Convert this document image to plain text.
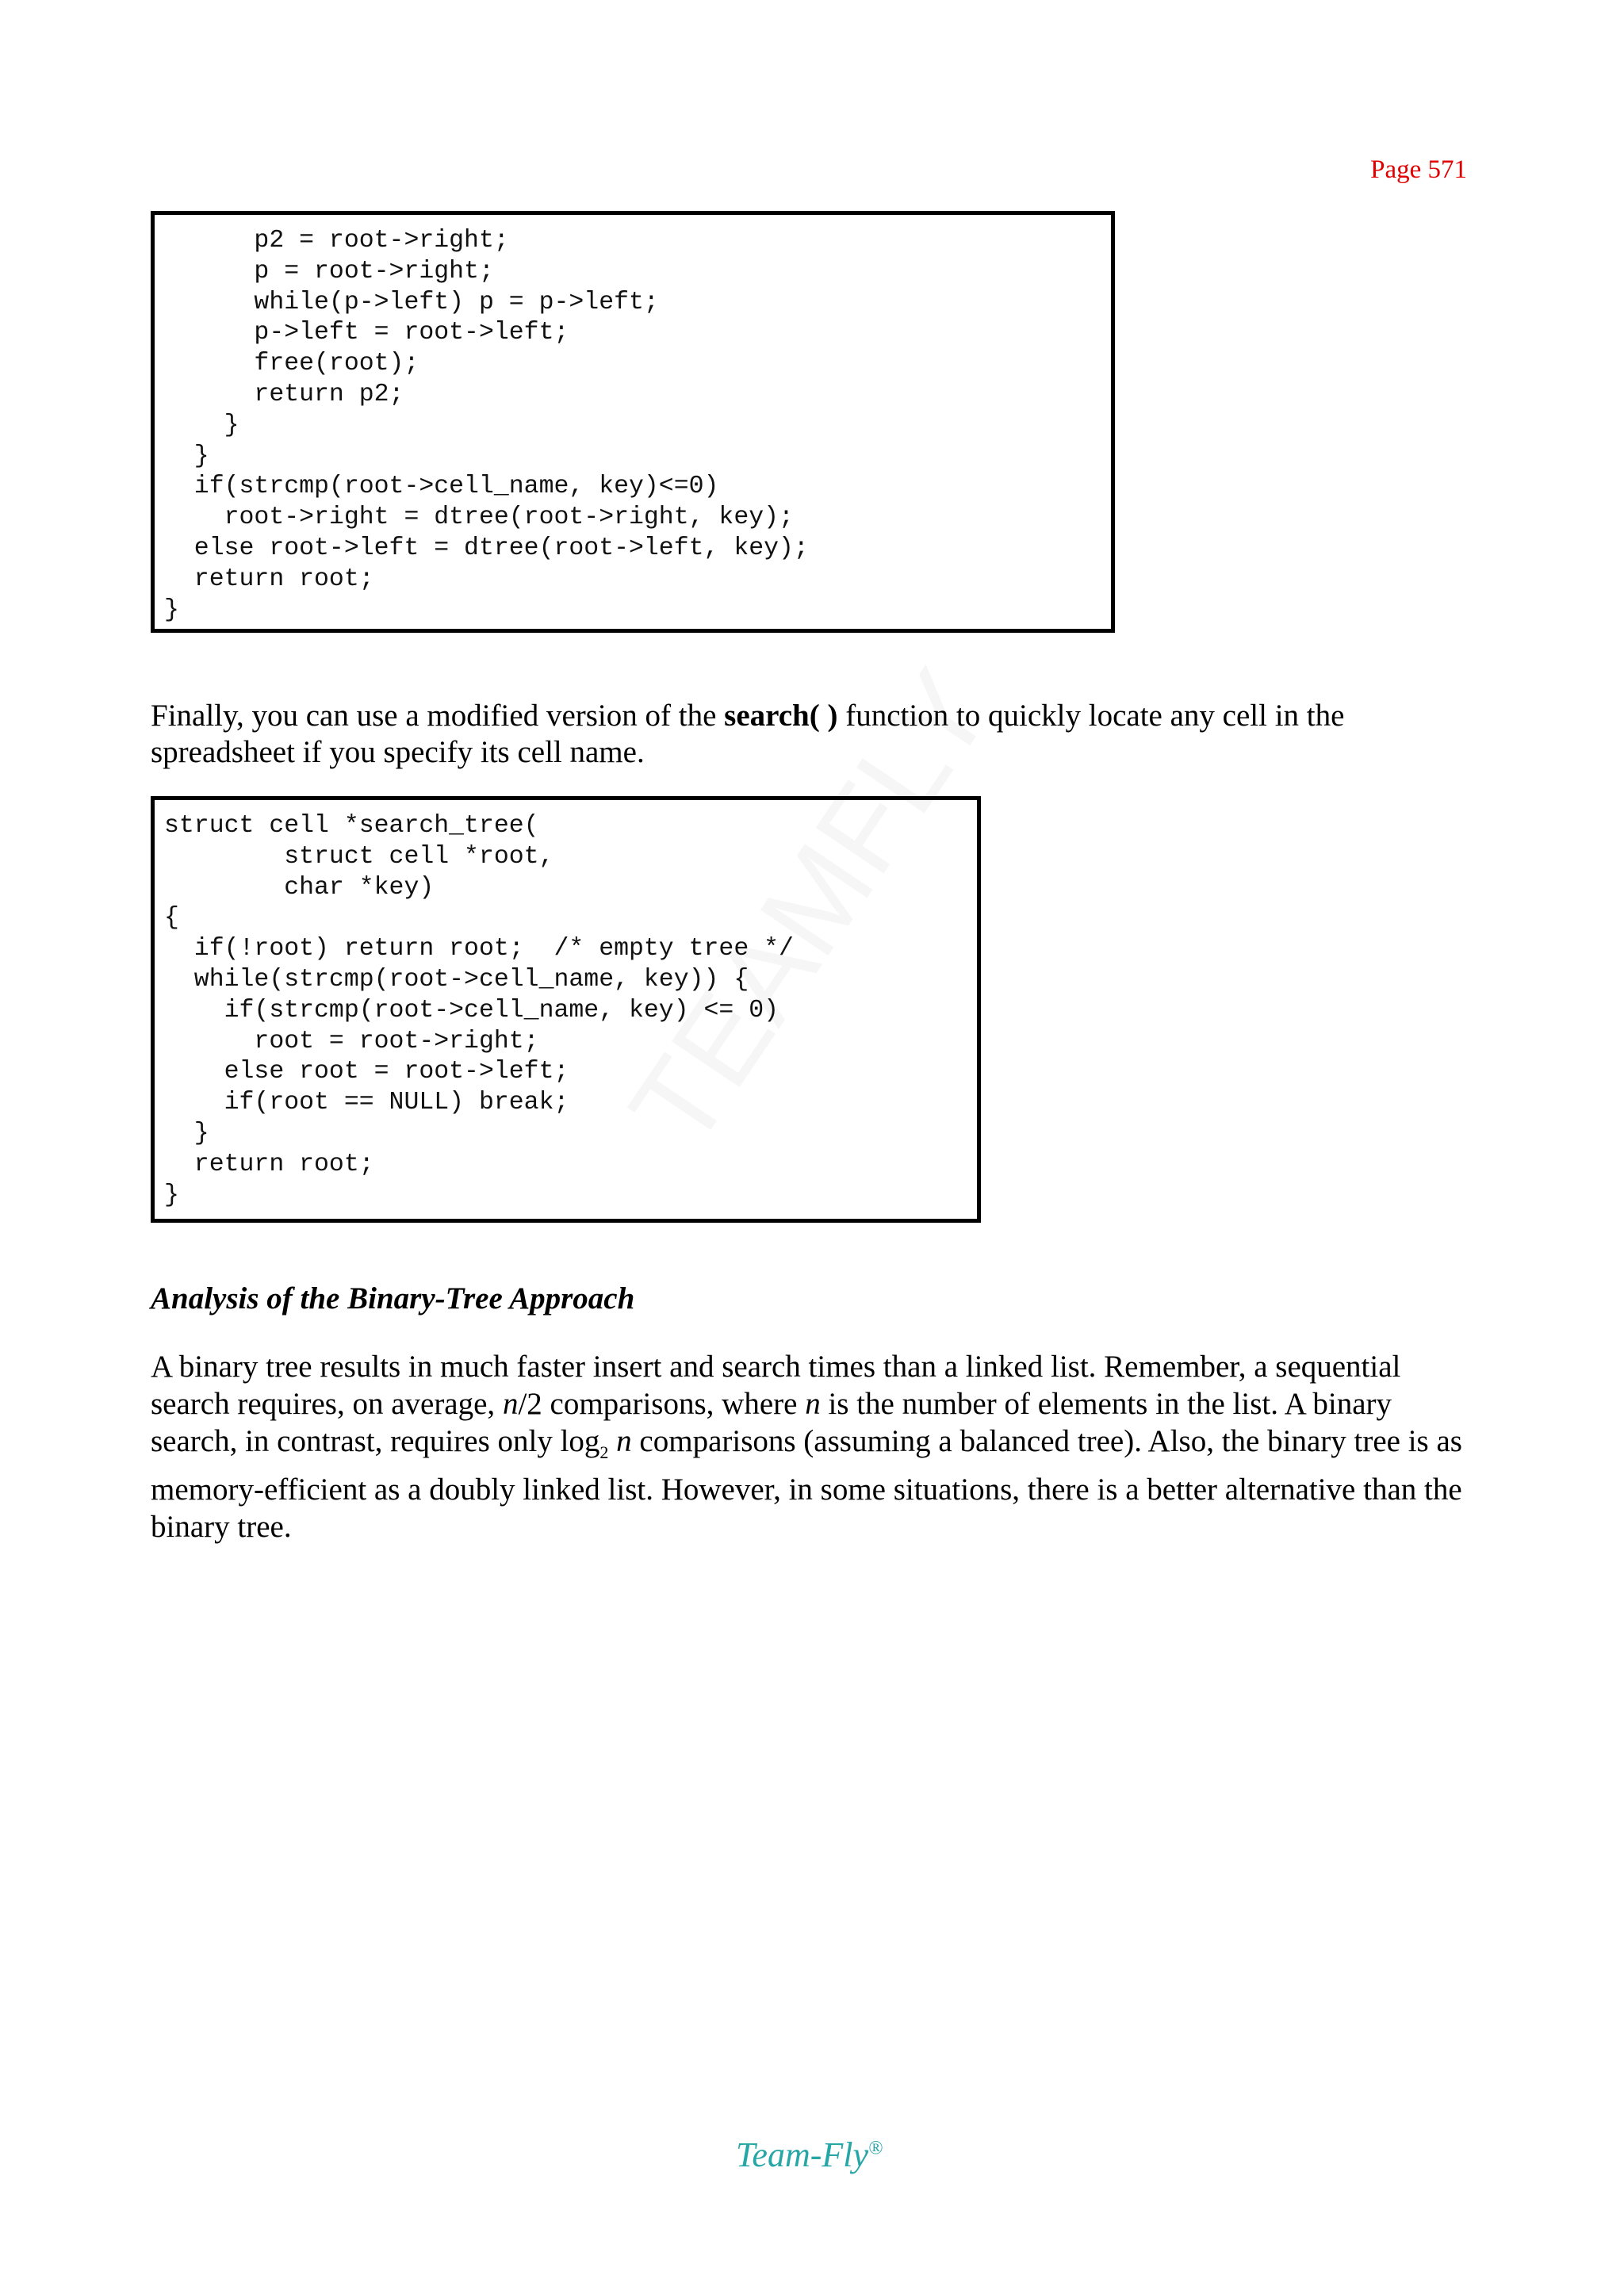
Page 571
p2 = root->right;
p = root->right;
while(p->left) p = p->left;
p->left = root->left;
free(root);
return p2;
}
}
if(strcmp(root->cell_name, key)<=0)
root->right = dtree(root->right, key);
else root->left = dtree(root->left, key);
return root;
}

Finally, you can use a modified version of the search( ) function to quickly locate any cell in the spreadsheet if you specify its cell name.

struct cell *search_tree(
struct cell *root,
char *key)
{
if(!root) return root;  /* empty tree */
while(strcmp(root->cell_name, key)) {
if(strcmp(root->cell_name, key) <= 0)
root = root->right;
else root = root->left;
if(root == NULL) break;
}
return root;
}
Analysis of the Binary-Tree Approach

A binary tree results in much faster insert and search times than a linked list. Remember, a sequential search requires, on average, n/2 comparisons, where n is the number of elements in the list. A binary search, in contrast, requires only $\log_2 n$ comparisons (assuming a balanced tree). Also, the binary tree is as memory-efficient as a doubly linked list. However, in some situations, there is a better alternative than the binary tree.

Team-Fly®
